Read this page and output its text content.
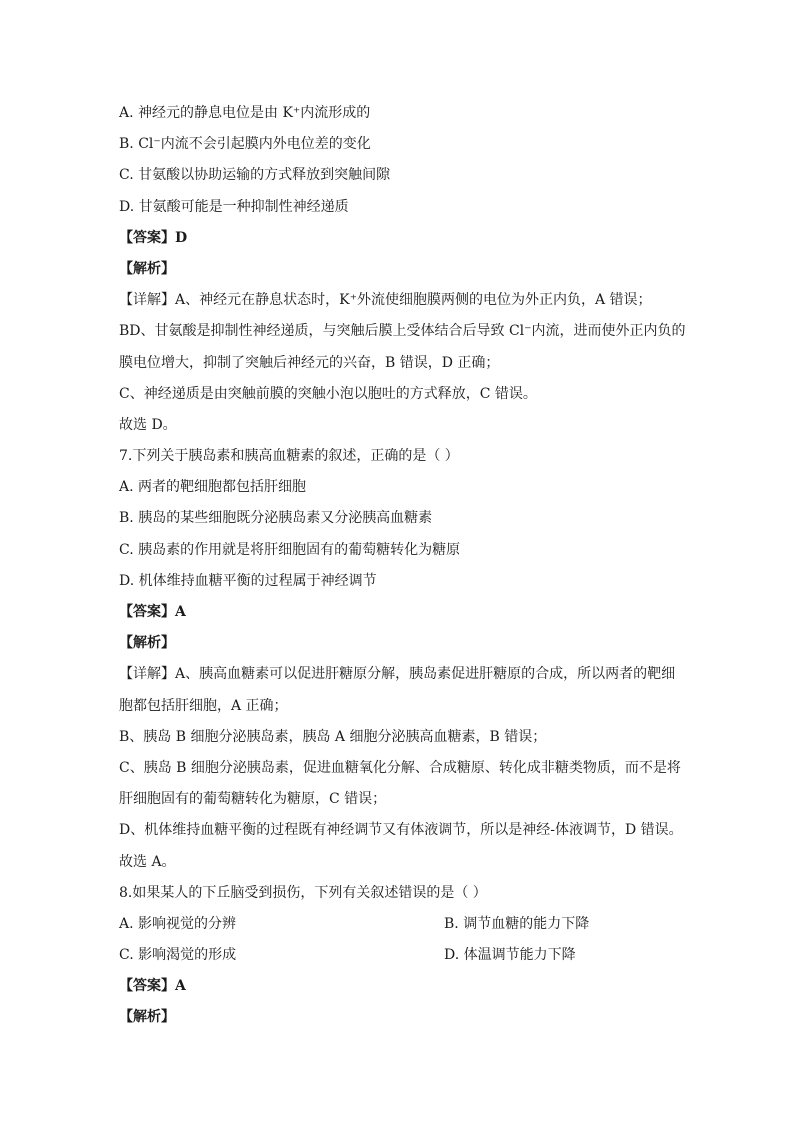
A. 神经元的静息电位是由 K⁺内流形成的
B. Cl⁻内流不会引起膜内外电位差的变化
C. 甘氨酸以协助运输的方式释放到突触间隙
D. 甘氨酸可能是一种抑制性神经递质
【答案】D
【解析】
【详解】A、神经元在静息状态时，K⁺外流使细胞膜两侧的电位为外正内负，A 错误；
BD、甘氨酸是抑制性神经递质，与突触后膜上受体结合后导致 Cl⁻内流，进而使外正内负的
膜电位增大，抑制了突触后神经元的兴奋，B 错误，D 正确；
C、神经递质是由突触前膜的突触小泡以胞吐的方式释放，C 错误。
故选 D。
7.下列关于胰岛素和胰高血糖素的叙述，正确的是（ ）
A. 两者的靶细胞都包括肝细胞
B. 胰岛的某些细胞既分泌胰岛素又分泌胰高血糖素
C. 胰岛素的作用就是将肝细胞固有的葡萄糖转化为糖原
D. 机体维持血糖平衡的过程属于神经调节
【答案】A
【解析】
【详解】A、胰高血糖素可以促进肝糖原分解，胰岛素促进肝糖原的合成，所以两者的靶细
胞都包括肝细胞，A 正确；
B、胰岛 B 细胞分泌胰岛素，胰岛 A 细胞分泌胰高血糖素，B 错误；
C、胰岛 B 细胞分泌胰岛素，促进血糖氧化分解、合成糖原、转化成非糖类物质，而不是将
肝细胞固有的葡萄糖转化为糖原，C 错误；
D、机体维持血糖平衡的过程既有神经调节又有体液调节，所以是神经-体液调节，D 错误。
故选 A。
8.如果某人的下丘脑受到损伤，下列有关叙述错误的是（ ）
A. 影响视觉的分辨	B. 调节血糖的能力下降
C. 影响渴觉的形成	D. 体温调节能力下降
【答案】A
【解析】
